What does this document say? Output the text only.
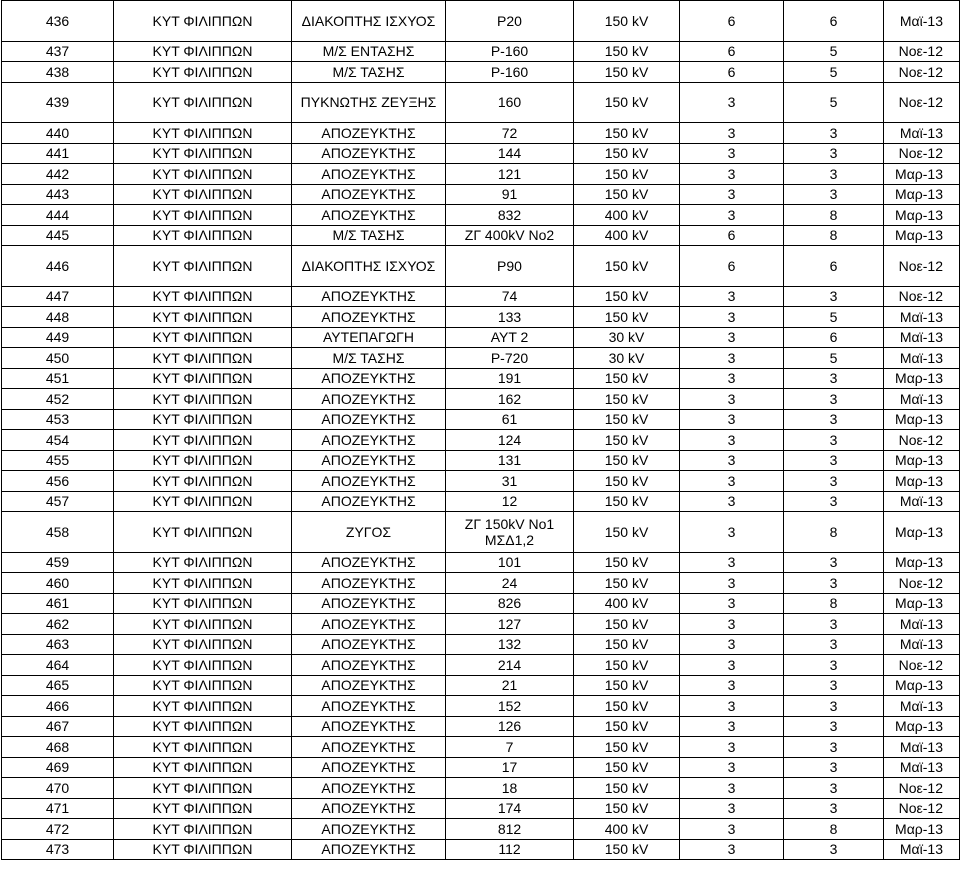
436	ΚΥΤ ΦΙΛΙΠΠΩΝ	ΔΙΑΚΟΠΤΗΣ ΙΣΧΥΟΣ	P20	150 kV	6	6	Μαϊ-13
437	ΚΥΤ ΦΙΛΙΠΠΩΝ	Μ/Σ ΕΝΤΑΣΗΣ	P-160	150 kV	6	5	Νοε-12
438	ΚΥΤ ΦΙΛΙΠΠΩΝ	Μ/Σ ΤΑΣΗΣ	P-160	150 kV	6	5	Νοε-12
439	ΚΥΤ ΦΙΛΙΠΠΩΝ	ΠΥΚΝΩΤΗΣ ΖΕΥΞΗΣ	160	150 kV	3	5	Νοε-12
440	ΚΥΤ ΦΙΛΙΠΠΩΝ	ΑΠΟΖΕΥΚΤΗΣ	72	150 kV	3	3	Μαϊ-13
441	ΚΥΤ ΦΙΛΙΠΠΩΝ	ΑΠΟΖΕΥΚΤΗΣ	144	150 kV	3	3	Νοε-12
442	ΚΥΤ ΦΙΛΙΠΠΩΝ	ΑΠΟΖΕΥΚΤΗΣ	121	150 kV	3	3	Μαρ-13
443	ΚΥΤ ΦΙΛΙΠΠΩΝ	ΑΠΟΖΕΥΚΤΗΣ	91	150 kV	3	3	Μαρ-13
444	ΚΥΤ ΦΙΛΙΠΠΩΝ	ΑΠΟΖΕΥΚΤΗΣ	832	400 kV	3	8	Μαρ-13
445	ΚΥΤ ΦΙΛΙΠΠΩΝ	Μ/Σ ΤΑΣΗΣ	ΖΓ 400kV Νο2	400 kV	6	8	Μαρ-13
446	ΚΥΤ ΦΙΛΙΠΠΩΝ	ΔΙΑΚΟΠΤΗΣ ΙΣΧΥΟΣ	P90	150 kV	6	6	Νοε-12
447	ΚΥΤ ΦΙΛΙΠΠΩΝ	ΑΠΟΖΕΥΚΤΗΣ	74	150 kV	3	3	Νοε-12
448	ΚΥΤ ΦΙΛΙΠΠΩΝ	ΑΠΟΖΕΥΚΤΗΣ	133	150 kV	3	5	Μαϊ-13
449	ΚΥΤ ΦΙΛΙΠΠΩΝ	ΑΥΤΕΠΑΓΩΓΗ	ΑΥΤ 2	30 kV	3	6	Μαϊ-13
450	ΚΥΤ ΦΙΛΙΠΠΩΝ	Μ/Σ ΤΑΣΗΣ	P-720	30 kV	3	5	Μαϊ-13
451	ΚΥΤ ΦΙΛΙΠΠΩΝ	ΑΠΟΖΕΥΚΤΗΣ	191	150 kV	3	3	Μαρ-13
452	ΚΥΤ ΦΙΛΙΠΠΩΝ	ΑΠΟΖΕΥΚΤΗΣ	162	150 kV	3	3	Μαϊ-13
453	ΚΥΤ ΦΙΛΙΠΠΩΝ	ΑΠΟΖΕΥΚΤΗΣ	61	150 kV	3	3	Μαρ-13
454	ΚΥΤ ΦΙΛΙΠΠΩΝ	ΑΠΟΖΕΥΚΤΗΣ	124	150 kV	3	3	Νοε-12
455	ΚΥΤ ΦΙΛΙΠΠΩΝ	ΑΠΟΖΕΥΚΤΗΣ	131	150 kV	3	3	Μαρ-13
456	ΚΥΤ ΦΙΛΙΠΠΩΝ	ΑΠΟΖΕΥΚΤΗΣ	31	150 kV	3	3	Μαρ-13
457	ΚΥΤ ΦΙΛΙΠΠΩΝ	ΑΠΟΖΕΥΚΤΗΣ	12	150 kV	3	3	Μαϊ-13
458	ΚΥΤ ΦΙΛΙΠΠΩΝ	ΖΥΓΟΣ	ΖΓ 150kV Νο1 ΜΣΔ1,2	150 kV	3	8	Μαρ-13
459	ΚΥΤ ΦΙΛΙΠΠΩΝ	ΑΠΟΖΕΥΚΤΗΣ	101	150 kV	3	3	Μαρ-13
460	ΚΥΤ ΦΙΛΙΠΠΩΝ	ΑΠΟΖΕΥΚΤΗΣ	24	150 kV	3	3	Νοε-12
461	ΚΥΤ ΦΙΛΙΠΠΩΝ	ΑΠΟΖΕΥΚΤΗΣ	826	400 kV	3	8	Μαρ-13
462	ΚΥΤ ΦΙΛΙΠΠΩΝ	ΑΠΟΖΕΥΚΤΗΣ	127	150 kV	3	3	Μαϊ-13
463	ΚΥΤ ΦΙΛΙΠΠΩΝ	ΑΠΟΖΕΥΚΤΗΣ	132	150 kV	3	3	Μαϊ-13
464	ΚΥΤ ΦΙΛΙΠΠΩΝ	ΑΠΟΖΕΥΚΤΗΣ	214	150 kV	3	3	Νοε-12
465	ΚΥΤ ΦΙΛΙΠΠΩΝ	ΑΠΟΖΕΥΚΤΗΣ	21	150 kV	3	3	Μαρ-13
466	ΚΥΤ ΦΙΛΙΠΠΩΝ	ΑΠΟΖΕΥΚΤΗΣ	152	150 kV	3	3	Μαϊ-13
467	ΚΥΤ ΦΙΛΙΠΠΩΝ	ΑΠΟΖΕΥΚΤΗΣ	126	150 kV	3	3	Μαρ-13
468	ΚΥΤ ΦΙΛΙΠΠΩΝ	ΑΠΟΖΕΥΚΤΗΣ	7	150 kV	3	3	Μαϊ-13
469	ΚΥΤ ΦΙΛΙΠΠΩΝ	ΑΠΟΖΕΥΚΤΗΣ	17	150 kV	3	3	Μαϊ-13
470	ΚΥΤ ΦΙΛΙΠΠΩΝ	ΑΠΟΖΕΥΚΤΗΣ	18	150 kV	3	3	Νοε-12
471	ΚΥΤ ΦΙΛΙΠΠΩΝ	ΑΠΟΖΕΥΚΤΗΣ	174	150 kV	3	3	Νοε-12
472	ΚΥΤ ΦΙΛΙΠΠΩΝ	ΑΠΟΖΕΥΚΤΗΣ	812	400 kV	3	8	Μαρ-13
473	ΚΥΤ ΦΙΛΙΠΠΩΝ	ΑΠΟΖΕΥΚΤΗΣ	112	150 kV	3	3	Μαϊ-13
